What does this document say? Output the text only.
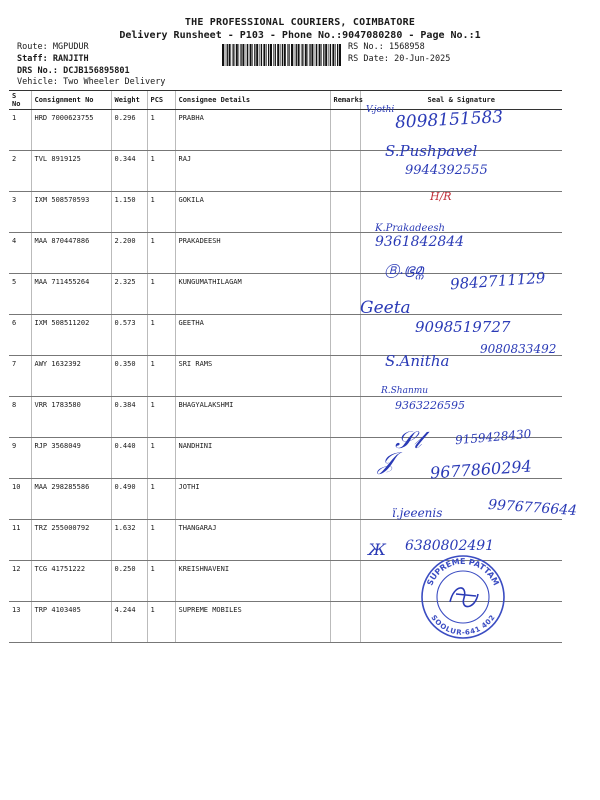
THE PROFESSIONAL COURIERS, COIMBATORE
Delivery Runsheet - P103 - Phone No.:9047080280 - Page No.:1
Route: MGPUDUR
Staff: RANJITH
DRS No.: DCJB156895801
Vehicle: Two Wheeler Delivery
RS No.: 1568958
RS Date: 20-Jun-2025
S No	Consignment No	Weight	PCS	Consignee Details	Remarks	Seal & Signature
1	HRD 7000623755	0.296	1	PRABHA		
2	TVL 8919125	0.344	1	RAJ		
3	IXM 508570593	1.150	1	GOKILA		
4	MAA 870447886	2.200	1	PRAKADEESH		
5	MAA 711455264	2.325	1	KUNGUMATHILAGAM		
6	IXM 508511202	0.573	1	GEETHA		
7	AWY 1632392	0.350	1	SRI RAMS		
8	VRR 1783580	0.384	1	BHAGYALAKSHMI		
9	RJP 3568049	0.440	1	NANDHINI		
10	MAA 298285586	0.490	1	JOTHI		
11	TRZ 255000792	1.632	1	THANGARAJ		
12	TCG 41751222	0.250	1	KREISHNAVENI		
13	TRP 4103405	4.244	1	SUPREME MOBILES		
V.jothi 8098151583
S.Pushpavel
9944392555
H/R
K.Prakadeesh
9361842844
Ⓑ.ഭ്രമ്ന 9842711129
Geeta
9098519727
S.Anitha
9080833492
R.Shanmu
9363226595
𝒮𝓁	9159428430
𝒥 9677860294
ï.jeeenis	9976776644
Ж 6380802491
SUPREME PATTAM
SOOLUR-641 402
